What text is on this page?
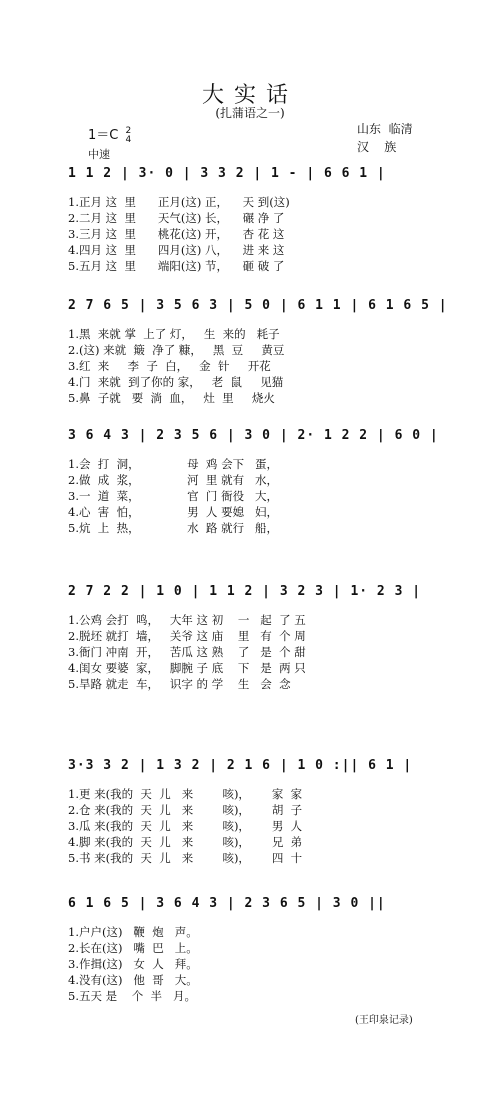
大实话
(扎蒲语之一)
山东  临清
汉    族
1＝C 2
4
中速
1 1 2 | 3· 0 | 3 3 2 | 1 - | 6 6 1 |
1.正月 这  里      正月(这) 正，    天 到(这)
2.二月 这  里      天气(这) 长，    碾 净 了
3.三月 这  里      桃花(这) 开，    杏 花 这
4.四月 这  里      四月(这) 八，    进 来 这
5.五月 这  里      端阳(这) 节，    砸 破 了
2 7 6 5 | 3 5 6 3 | 5 0 | 6 1 1 | 6 1 6 5 |
1.黑  来就 掌  上了 灯，   生  来的   耗子
2.(这) 来就  簸  净了 糠，   黑  豆     黄豆
3.红  来     李  子  白，   金  针     开花
4.门  来就  到了你的 家，   老  鼠     见猫
5.鼻  子就   要  淌  血，   灶  里     烧火
3 6 4 3 | 2 3 5 6 | 3 0 | 2· 1 2 2 | 6 0 |
1.会  打  洞，             母  鸡 会下   蛋，
2.做  成  浆，             河  里 就有   水，
3.一  道  菜，             官  门 衙役   大，
4.心  害  怕，             男  人 要媳   妇，
5.炕  上  热，             水  路 就行   船，
2 7 2 2 | 1 0 | 1 1 2 | 3 2 3 | 1· 2 3 |
1.公鸡 会打  鸣，   大年 这 初    一   起  了 五
2.脱坯 就打  墙，   关爷 这 庙    里   有  个 周
3.衙门 冲南  开，   苦瓜 这 熟    了   是  个 甜
4.闺女 要婆  家，   脚腕 子 底    下   是  两 只
5.旱路 就走  车，   识字 的 学    生   会  念
3·3 3 2 | 1 3 2 | 2 1 6 | 1 0 :|| 6 1 |
1.更 来(我的  天  儿   来        咳)，      家  家
2.仓 来(我的  天  儿   来        咳)，      胡  子
3.瓜 来(我的  天  儿   来        咳)，      男  人
4.脚 来(我的  天  儿   来        咳)，      兄  弟
5.书 来(我的  天  儿   来        咳)，      四  十
6 1 6 5 | 3 6 4 3 | 2 3 6 5 | 3 0 ||
1.户户(这)   鞭  炮   声。
2.长在(这)   嘴  巴   上。
3.作揖(这)   女  人   拜。
4.没有(这)   他  哥   大。
5.五天 是    个  半   月。
(王印泉记录)
